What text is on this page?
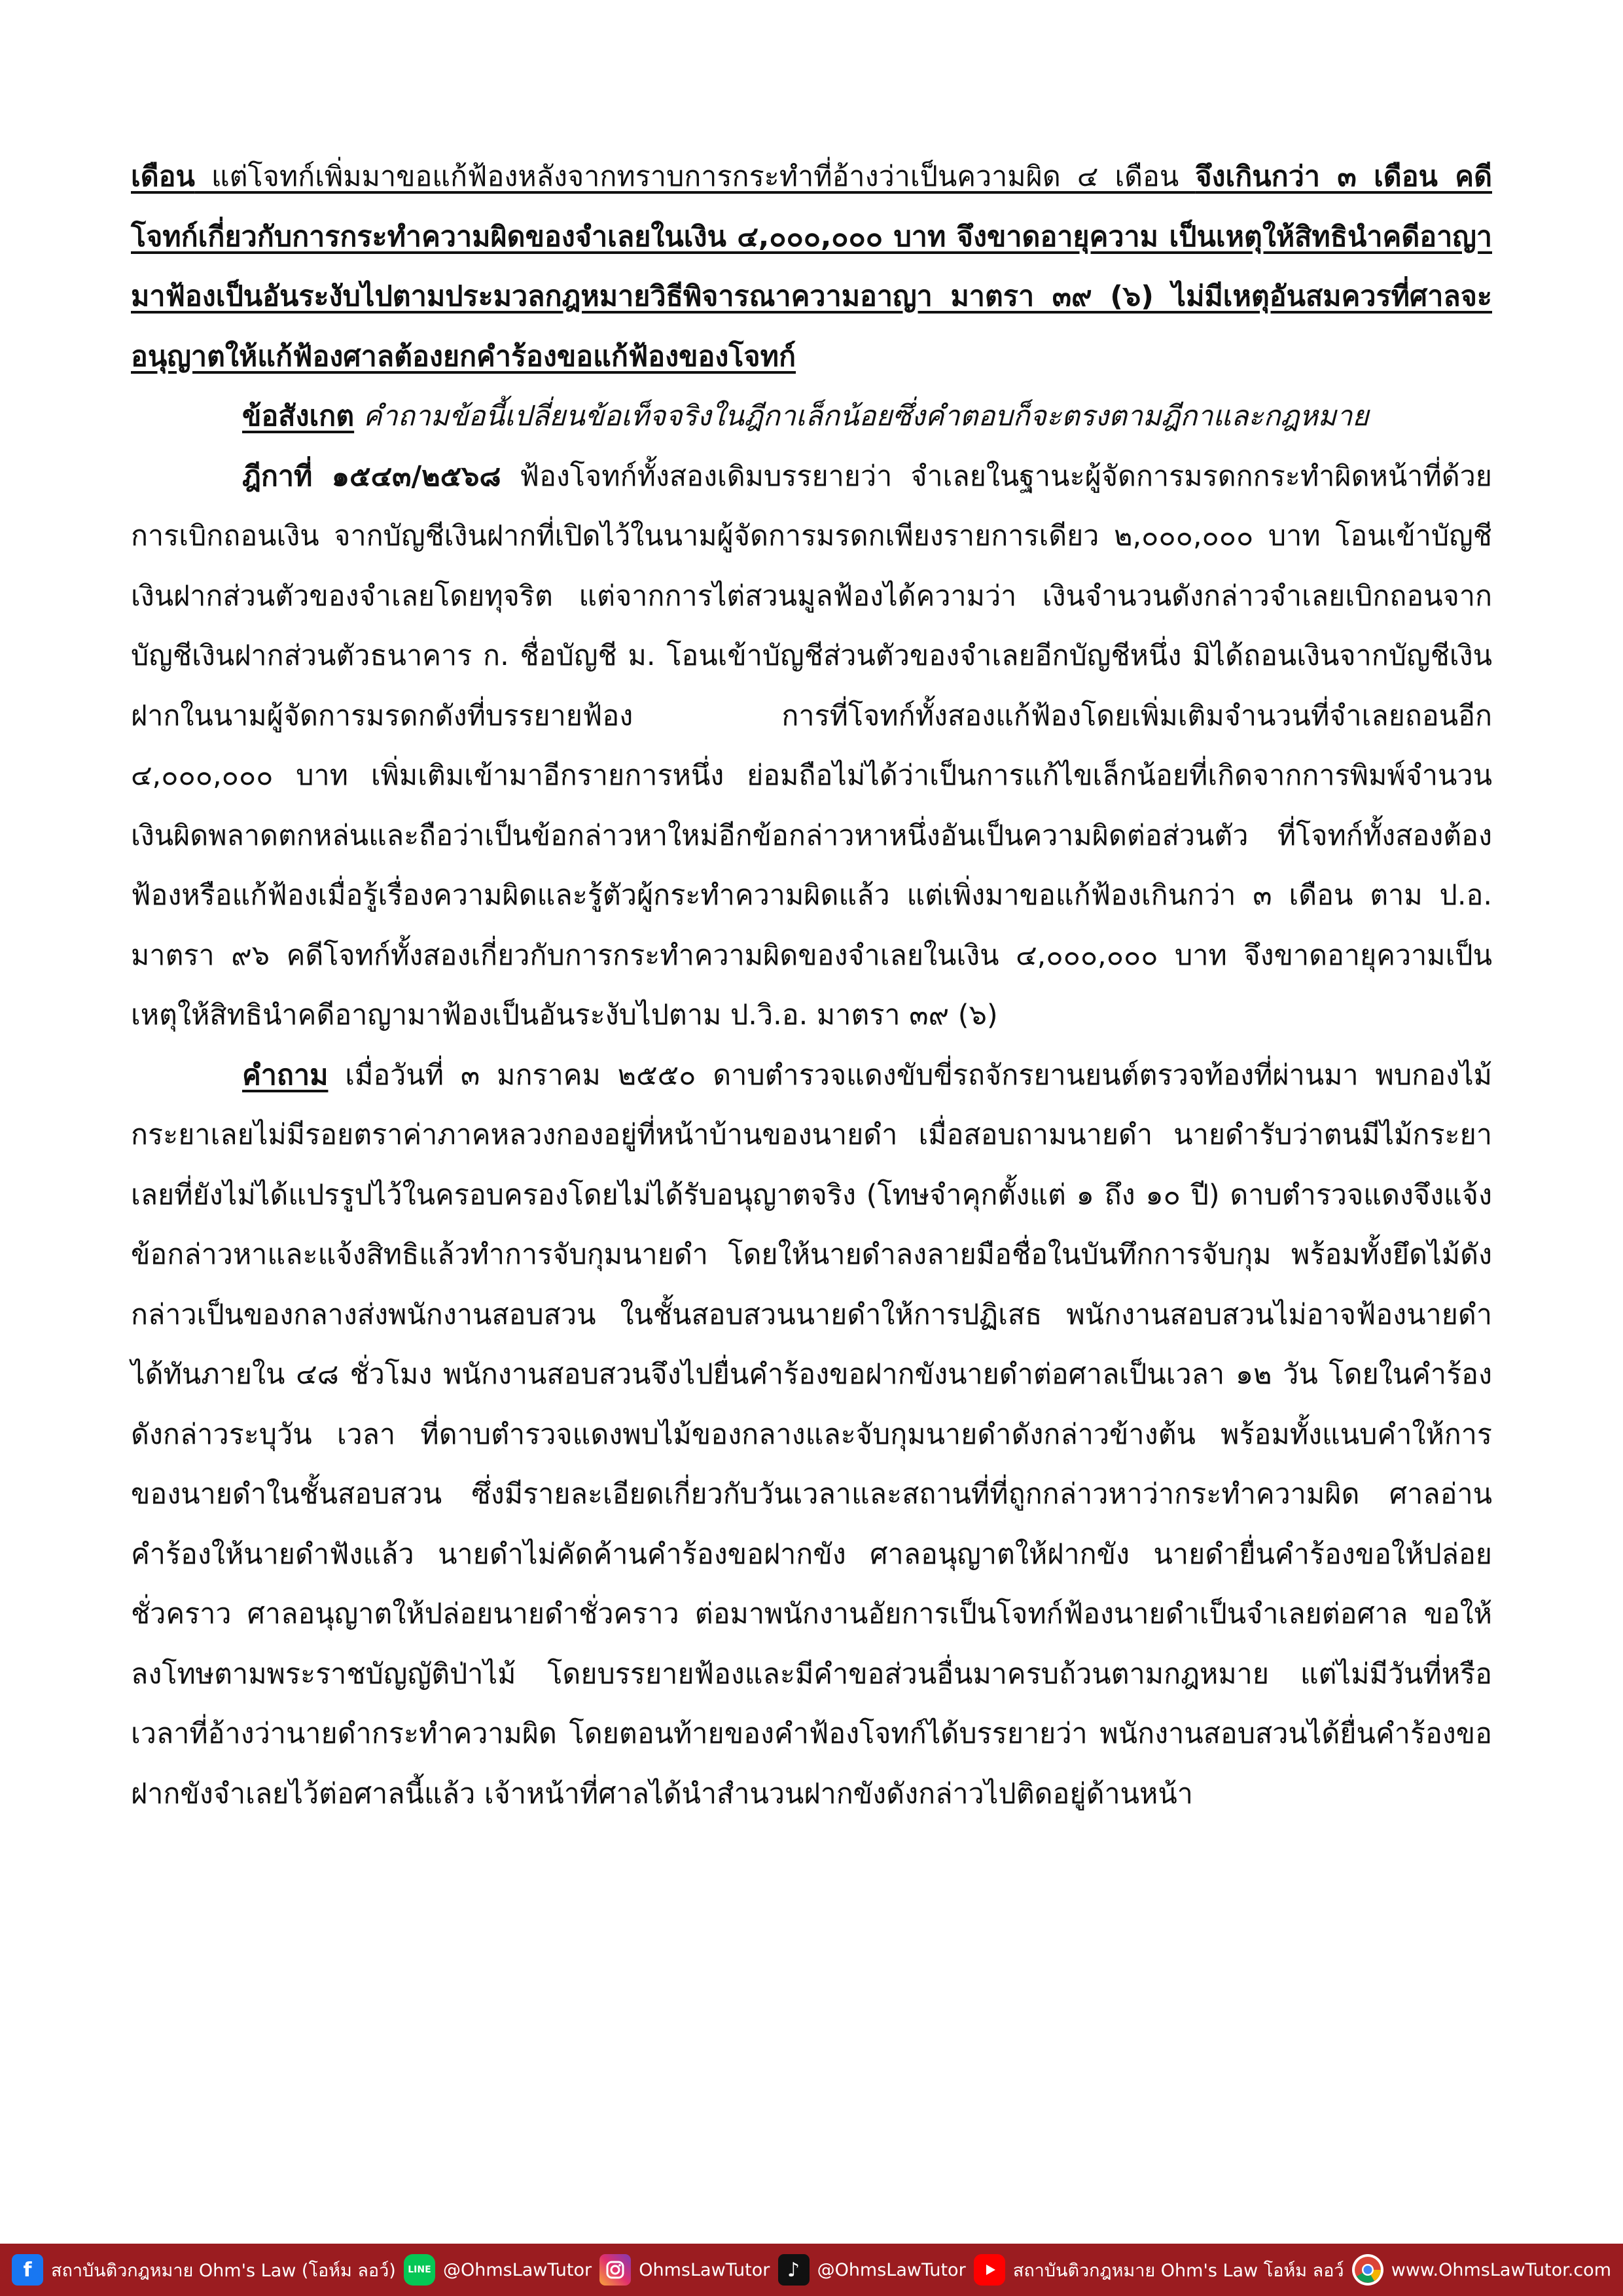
เดือน แต่โจทก์เพิ่มมาขอแก้ฟ้องหลังจากทราบการกระทำที่อ้างว่าเป็นความผิด ๔ เดือน จึงเกินกว่า ๓ เดือน คดีโจทก์เกี่ยวกับการกระทำความผิดของจำเลยในเงิน ๔,๐๐๐,๐๐๐ บาท จึงขาดอายุความ เป็นเหตุให้สิทธินำคดีอาญามาฟ้องเป็นอันระงับไปตามประมวลกฎหมายวิธีพิจารณาความอาญา มาตรา ๓๙ (๖) ไม่มีเหตุอันสมควรที่ศาลจะอนุญาตให้แก้ฟ้องศาลต้องยกคำร้องขอแก้ฟ้องของโจทก์

ข้อสังเกต คำถามข้อนี้เปลี่ยนข้อเท็จจริงในฎีกาเล็กน้อยซึ่งคำตอบก็จะตรงตามฎีกาและกฎหมาย

ฎีกาที่ ๑๕๔๓/๒๕๖๘ ฟ้องโจทก์ทั้งสองเดิมบรรยายว่า จำเลยในฐานะผู้จัดการมรดกกระทำผิดหน้าที่ด้วยการเบิกถอนเงิน จากบัญชีเงินฝากที่เปิดไว้ในนามผู้จัดการมรดกเพียงรายการเดียว ๒,๐๐๐,๐๐๐ บาท โอนเข้าบัญชีเงินฝากส่วนตัวของจำเลยโดยทุจริต แต่จากการไต่สวนมูลฟ้องได้ความว่า เงินจำนวนดังกล่าวจำเลยเบิกถอนจากบัญชีเงินฝากส่วนตัวธนาคาร ก. ชื่อบัญชี ม. โอนเข้าบัญชีส่วนตัวของจำเลยอีกบัญชีหนึ่ง มิได้ถอนเงินจากบัญชีเงินฝากในนามผู้จัดการมรดกดังที่บรรยายฟ้อง การที่โจทก์ทั้งสองแก้ฟ้องโดยเพิ่มเติมจำนวนที่จำเลยถอนอีก ๔,๐๐๐,๐๐๐ บาท เพิ่มเติมเข้ามาอีกรายการหนึ่ง ย่อมถือไม่ได้ว่าเป็นการแก้ไขเล็กน้อยที่เกิดจากการพิมพ์จำนวนเงินผิดพลาดตกหล่นและถือว่าเป็นข้อกล่าวหาใหม่อีกข้อกล่าวหาหนึ่งอันเป็นความผิดต่อส่วนตัว ที่โจทก์ทั้งสองต้องฟ้องหรือแก้ฟ้องเมื่อรู้เรื่องความผิดและรู้ตัวผู้กระทำความผิดแล้ว แต่เพิ่งมาขอแก้ฟ้องเกินกว่า ๓ เดือน ตาม ป.อ. มาตรา ๙๖ คดีโจทก์ทั้งสองเกี่ยวกับการกระทำความผิดของจำเลยในเงิน ๔,๐๐๐,๐๐๐ บาท จึงขาดอายุความเป็นเหตุให้สิทธินำคดีอาญามาฟ้องเป็นอันระงับไปตาม ป.วิ.อ. มาตรา ๓๙ (๖)

คำถาม เมื่อวันที่ ๓ มกราคม ๒๕๕๐ ดาบตำรวจแดงขับขี่รถจักรยานยนต์ตรวจท้องที่ผ่านมา พบกองไม้กระยาเลยไม่มีรอยตราค่าภาคหลวงกองอยู่ที่หน้าบ้านของนายดำ เมื่อสอบถามนายดำ นายดำรับว่าตนมีไม้กระยาเลยที่ยังไม่ได้แปรรูปไว้ในครอบครองโดยไม่ได้รับอนุญาตจริง (โทษจำคุกตั้งแต่ ๑ ถึง ๑๐ ปี) ดาบตำรวจแดงจึงแจ้งข้อกล่าวหาและแจ้งสิทธิแล้วทำการจับกุมนายดำ โดยให้นายดำลงลายมือชื่อในบันทึกการจับกุม พร้อมทั้งยึดไม้ดังกล่าวเป็นของกลางส่งพนักงานสอบสวน ในชั้นสอบสวนนายดำให้การปฏิเสธ พนักงานสอบสวนไม่อาจฟ้องนายดำได้ทันภายใน ๔๘ ชั่วโมง พนักงานสอบสวนจึงไปยื่นคำร้องขอฝากขังนายดำต่อศาลเป็นเวลา ๑๒ วัน โดยในคำร้องดังกล่าวระบุวัน เวลา ที่ดาบตำรวจแดงพบไม้ของกลางและจับกุมนายดำดังกล่าวข้างต้น พร้อมทั้งแนบคำให้การของนายดำในชั้นสอบสวน ซึ่งมีรายละเอียดเกี่ยวกับวันเวลาและสถานที่ที่ถูกกล่าวหาว่ากระทำความผิด ศาลอ่านคำร้องให้นายดำฟังแล้ว นายดำไม่คัดค้านคำร้องขอฝากขัง ศาลอนุญาตให้ฝากขัง นายดำยื่นคำร้องขอให้ปล่อยชั่วคราว ศาลอนุญาตให้ปล่อยนายดำชั่วคราว ต่อมาพนักงานอัยการเป็นโจทก์ฟ้องนายดำเป็นจำเลยต่อศาล ขอให้ลงโทษตามพระราชบัญญัติป่าไม้ โดยบรรยายฟ้องและมีคำขอส่วนอื่นมาครบถ้วนตามกฎหมาย แต่ไม่มีวันที่หรือเวลาที่อ้างว่านายดำกระทำความผิด โดยตอนท้ายของคำฟ้องโจทก์ได้บรรยายว่า พนักงานสอบสวนได้ยื่นคำร้องขอฝากขังจำเลยไว้ต่อศาลนี้แล้ว เจ้าหน้าที่ศาลได้นำสำนวนฝากขังดังกล่าวไปติดอยู่ด้านหน้า

f	สถาบันติวกฎหมาย Ohm's Law (โอห์ม ลอว์)	LINE @OhmsLawTutor	OhmsLawTutor ♪ @OhmsLawTutor	สถาบันติวกฎหมาย Ohm's Law โอห์ม ลอว์	www.OhmsLawTutor.com
